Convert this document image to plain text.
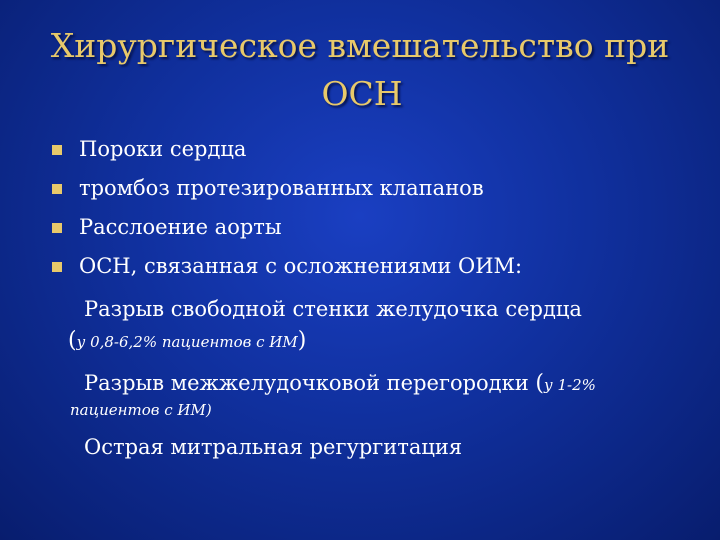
Хирургическое вмешательство при
ОСН
Пороки сердца
тромбоз протезированных клапанов
Расслоение аорты
ОСН, связанная с осложнениями ОИМ:
Разрыв свободной стенки желудочка сердца
(у 0,8-6,2% пациентов с ИМ)
Разрыв межжелудочковой перегородки (у 1-2%
пациентов с ИМ)
Острая митральная регургитация
